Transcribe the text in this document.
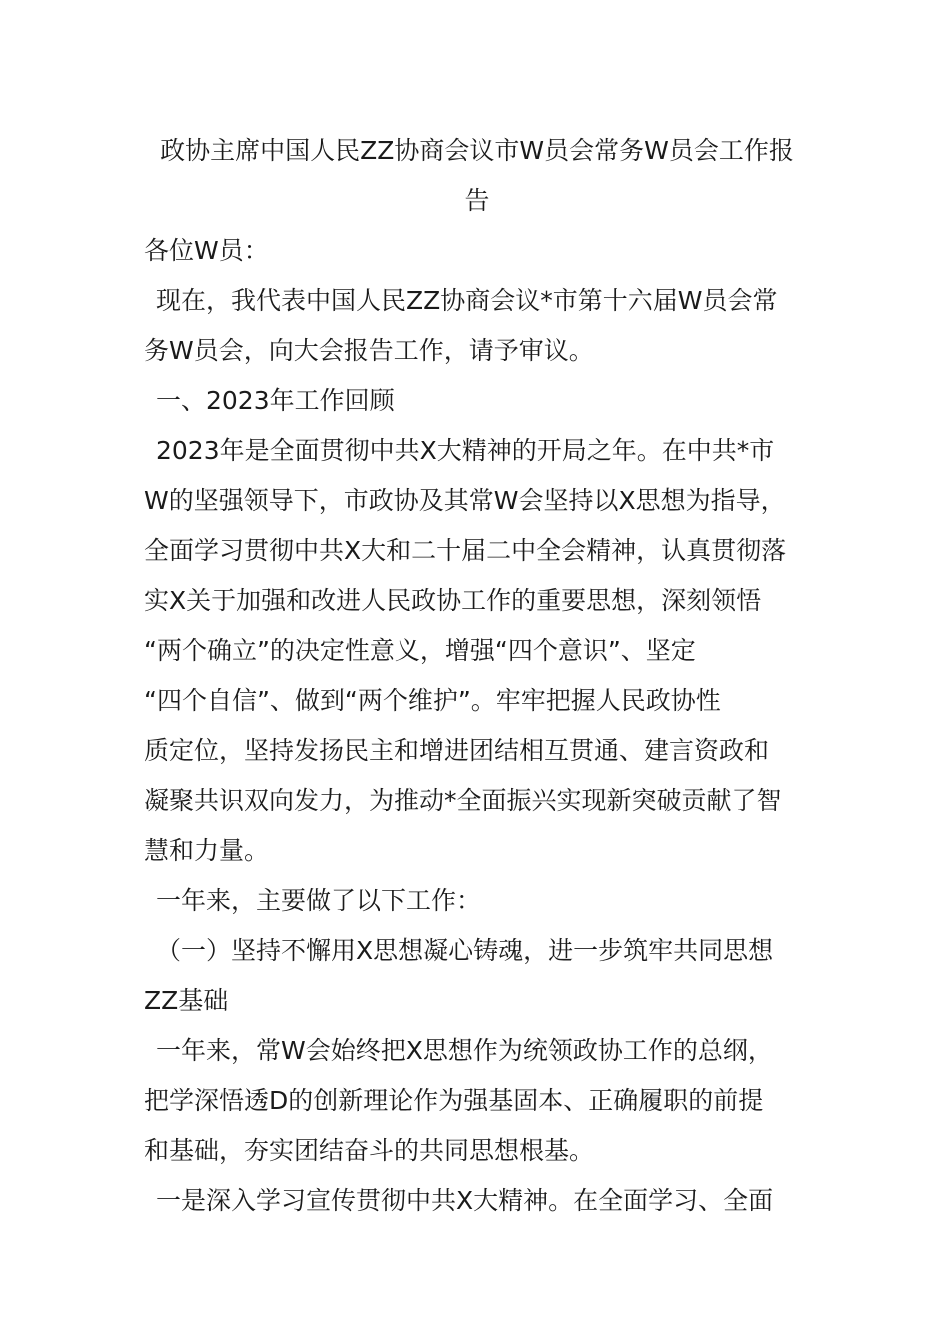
政协主席中国人民ZZ协商会议市W员会常务W员会工作报
告

各位W员：

现在，我代表中国人民ZZ协商会议*市第十六届W员会常
务W员会，向大会报告工作，请予审议。

一、2023年工作回顾

2023年是全面贯彻中共X大精神的开局之年。在中共*市
W的坚强领导下，市政协及其常W会坚持以X思想为指导，
全面学习贯彻中共X大和二十届二中全会精神，认真贯彻落
实X关于加强和改进人民政协工作的重要思想，深刻领悟
“两个确立”的决定性意义，增强“四个意识”、坚定
“四个自信”、做到“两个维护”。牢牢把握人民政协性
质定位，坚持发扬民主和增进团结相互贯通、建言资政和
凝聚共识双向发力，为推动*全面振兴实现新突破贡献了智
慧和力量。

一年来，主要做了以下工作：

（一）坚持不懈用X思想凝心铸魂，进一步筑牢共同思想
ZZ基础

一年来，常W会始终把X思想作为统领政协工作的总纲，
把学深悟透D的创新理论作为强基固本、正确履职的前提
和基础，夯实团结奋斗的共同思想根基。

一是深入学习宣传贯彻中共X大精神。在全面学习、全面
